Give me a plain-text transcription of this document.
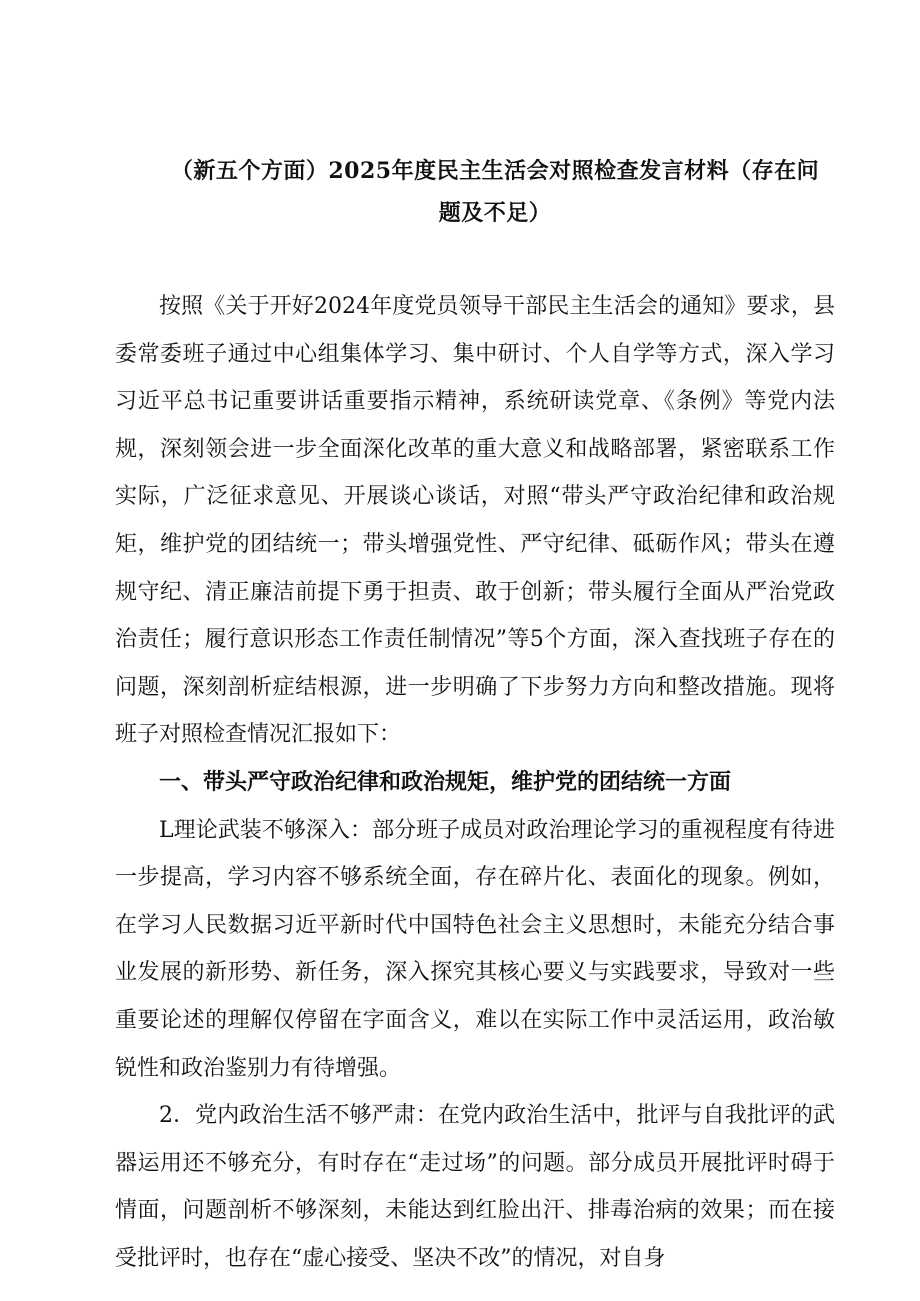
（新五个方面）2025年度民主生活会对照检查发言材料（存在问
题及不足）

按照《关于开好2024年度党员领导干部民主生活会的通知》要求，县委常委班子通过中心组集体学习、集中研讨、个人自学等方式，深入学习习近平总书记重要讲话重要指示精神，系统研读党章、《条例》等党内法规，深刻领会进一步全面深化改革的重大意义和战略部署，紧密联系工作实际，广泛征求意见、开展谈心谈话，对照“带头严守政治纪律和政治规矩，维护党的团结统一；带头增强党性、严守纪律、砥砺作风；带头在遵规守纪、清正廉洁前提下勇于担责、敢于创新；带头履行全面从严治党政治责任；履行意识形态工作责任制情况”等5个方面，深入查找班子存在的问题，深刻剖析症结根源，进一步明确了下步努力方向和整改措施。现将班子对照检查情况汇报如下：

一、带头严守政治纪律和政治规矩，维护党的团结统一方面

L理论武装不够深入：部分班子成员对政治理论学习的重视程度有待进一步提高，学习内容不够系统全面，存在碎片化、表面化的现象。例如，在学习人民数据习近平新时代中国特色社会主义思想时，未能充分结合事业发展的新形势、新任务，深入探究其核心要义与实践要求，导致对一些重要论述的理解仅停留在字面含义，难以在实际工作中灵活运用，政治敏锐性和政治鉴别力有待增强。

2．党内政治生活不够严肃：在党内政治生活中，批评与自我批评的武器运用还不够充分，有时存在“走过场”的问题。部分成员开展批评时碍于情面，问题剖析不够深刻，未能达到红脸出汗、排毒治病的效果；而在接受批评时，也存在“虚心接受、坚决不改”的情况，对自身
